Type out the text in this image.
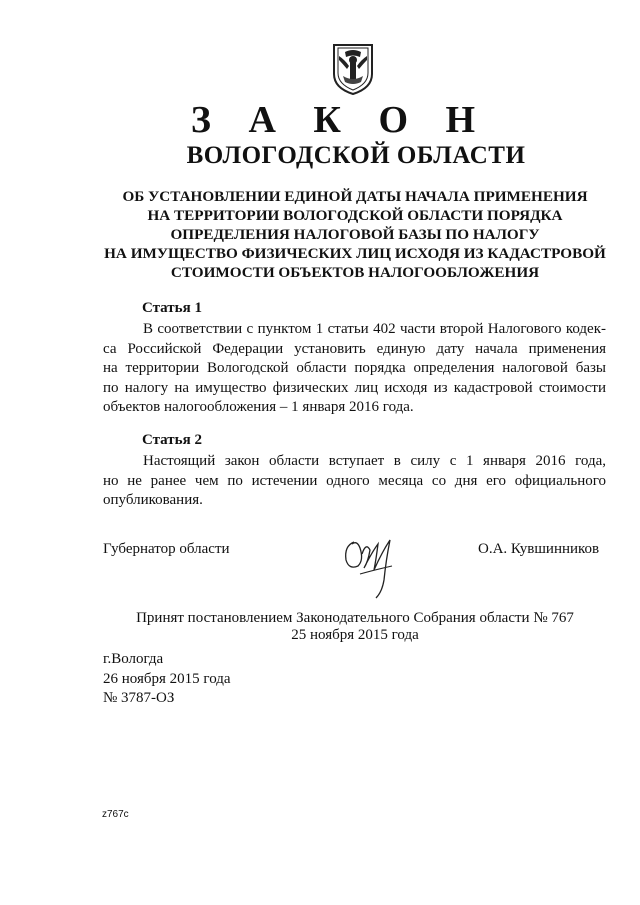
З А К О Н
ВОЛОГОДСКОЙ ОБЛАСТИ
ОБ УСТАНОВЛЕНИИ ЕДИНОЙ ДАТЫ НАЧАЛА ПРИМЕНЕНИЯ
НА ТЕРРИТОРИИ ВОЛОГОДСКОЙ ОБЛАСТИ ПОРЯДКА
ОПРЕДЕЛЕНИЯ НАЛОГОВОЙ БАЗЫ ПО НАЛОГУ
НА ИМУЩЕСТВО ФИЗИЧЕСКИХ ЛИЦ ИСХОДЯ ИЗ КАДАСТРОВОЙ
СТОИМОСТИ ОБЪЕКТОВ НАЛОГООБЛОЖЕНИЯ
Статья 1
В соответствии с пунктом 1 статьи 402 части второй Налогового кодек-
са Российской Федерации установить единую дату начала применения
на территории Вологодской области порядка определения налоговой базы
по налогу на имущество физических лиц исходя из кадастровой стоимости
объектов налогообложения – 1 января 2016 года.
Статья 2
Настоящий закон области вступает в силу с 1 января 2016 года,
но не ранее чем по истечении одного месяца со дня его официального
опубликования.
Губернатор области	О.А. Кувшинников
Принят постановлением Законодательного Собрания области № 767
25 ноября 2015 года
г.Вологда
26 ноября 2015 года
№ 3787-ОЗ
z767c
